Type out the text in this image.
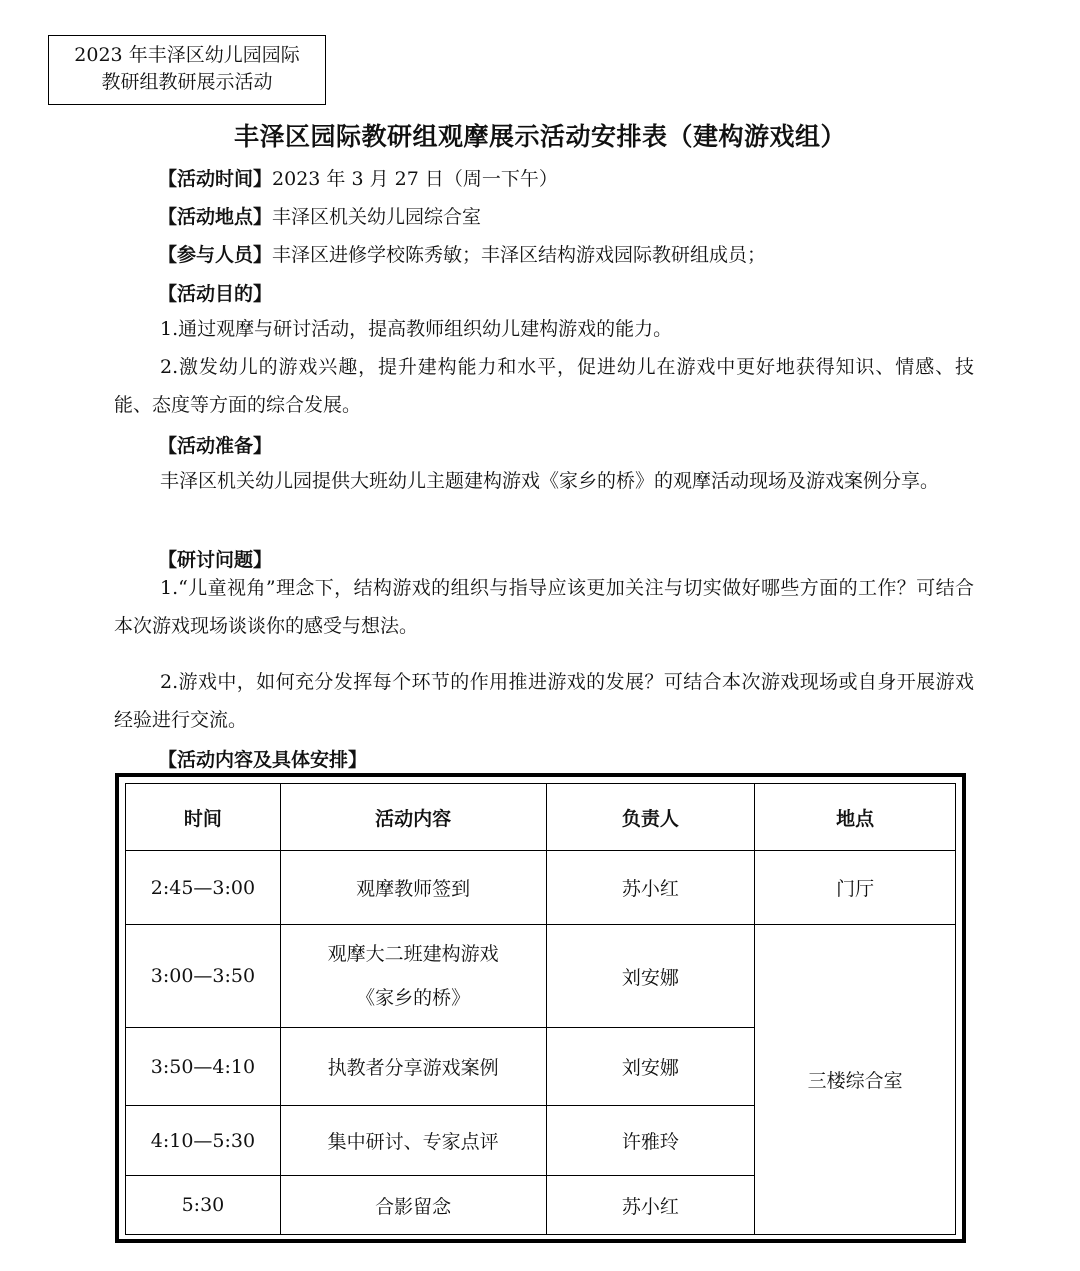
2023 年丰泽区幼儿园园际
教研组教研展示活动
丰泽区园际教研组观摩展示活动安排表（建构游戏组）
【活动时间】2023 年 3 月 27 日（周一下午）
【活动地点】丰泽区机关幼儿园综合室
【参与人员】丰泽区进修学校陈秀敏；丰泽区结构游戏园际教研组成员；
【活动目的】
1.通过观摩与研讨活动，提高教师组织幼儿建构游戏的能力。
2.激发幼儿的游戏兴趣，提升建构能力和水平，促进幼儿在游戏中更好地获得知识、情感、技能、态度等方面的综合发展。
【活动准备】
丰泽区机关幼儿园提供大班幼儿主题建构游戏《家乡的桥》的观摩活动现场及游戏案例分享。
【研讨问题】
1.“儿童视角”理念下，结构游戏的组织与指导应该更加关注与切实做好哪些方面的工作？可结合本次游戏现场谈谈你的感受与想法。
2.游戏中，如何充分发挥每个环节的作用推进游戏的发展？可结合本次游戏现场或自身开展游戏经验进行交流。
【活动内容及具体安排】
时间	活动内容	负责人	地点
2:45—3:00	观摩教师签到	苏小红	门厅
3:00—3:50	观摩大二班建构游戏
《家乡的桥》	刘安娜	三楼综合室
3:50—4:10	执教者分享游戏案例	刘安娜	
4:10—5:30	集中研讨、专家点评	许雅玲	
5:30	合影留念	苏小红	
